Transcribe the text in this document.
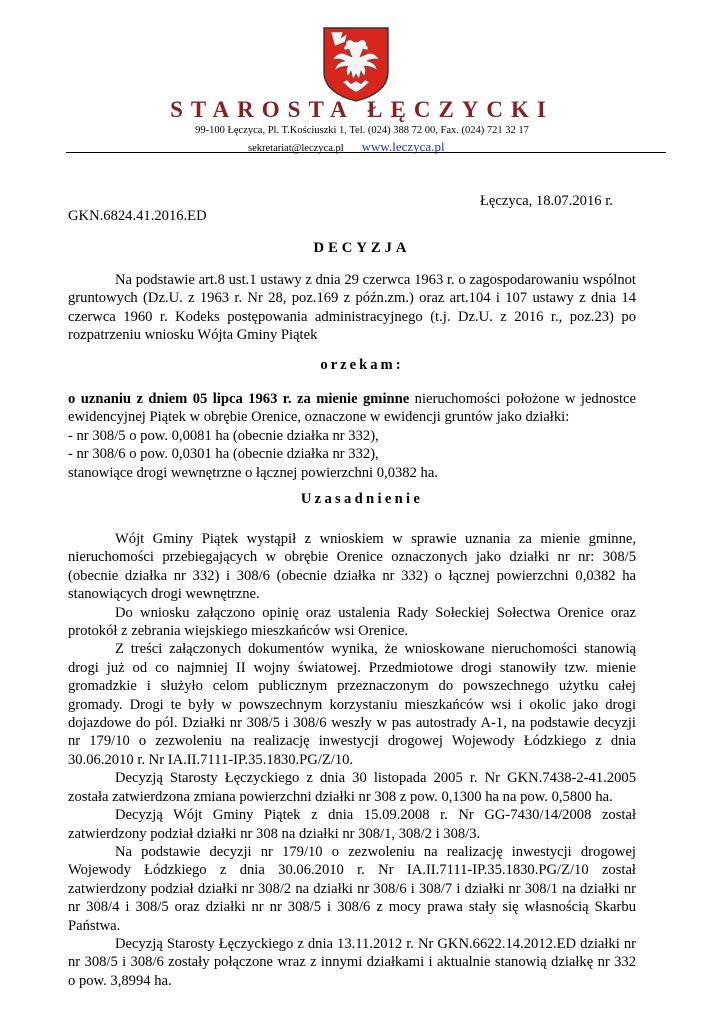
STAROSTA ŁĘCZYCKI
99-100 Łęczyca, Pl. T.Kościuszki 1, Tel. (024) 388 72 00, Fax. (024) 721 32 17
sekretariat@leczyca.pl www.leczyca.pl
Łęczyca, 18.07.2016 r.
GKN.6824.41.2016.ED
DECYZJA
Na podstawie art.8 ust.1 ustawy z dnia 29 czerwca 1963 r. o zagospodarowaniu wspólnot gruntowych (Dz.U. z 1963 r. Nr 28, poz.169 z późn.zm.) oraz art.104 i 107 ustawy z dnia 14 czerwca 1960 r. Kodeks postępowania administracyjnego (t.j. Dz.U. z 2016 r., poz.23) po rozpatrzeniu wniosku Wójta Gminy Piątek
orzekam:
o uznaniu z dniem 05 lipca 1963 r. za mienie gminne nieruchomości położone w jednostce ewidencyjnej Piątek w obrębie Orenice, oznaczone w ewidencji gruntów jako działki:
- nr 308/5 o pow. 0,0081 ha (obecnie działka nr 332),
- nr 308/6 o pow. 0,0301 ha (obecnie działka nr 332),
stanowiące drogi wewnętrzne o łącznej powierzchni 0,0382 ha.
Uzasadnienie

Wójt Gminy Piątek wystąpił z wnioskiem w sprawie uznania za mienie gminne, nieruchomości przebiegających w obrębie Orenice oznaczonych jako działki nr nr: 308/5 (obecnie działka nr 332) i 308/6 (obecnie działka nr 332) o łącznej powierzchni 0,0382 ha stanowiących drogi wewnętrzne.

Do wniosku załączono opinię oraz ustalenia Rady Sołeckiej Sołectwa Orenice oraz protokół z zebrania wiejskiego mieszkańców wsi Orenice.

Z treści załączonych dokumentów wynika, że wnioskowane nieruchomości stanowią drogi już od co najmniej II wojny światowej. Przedmiotowe drogi stanowiły tzw. mienie gromadzkie i służyło celom publicznym przeznaczonym do powszechnego użytku całej gromady. Drogi te były w powszechnym korzystaniu mieszkańców wsi i okolic jako drogi dojazdowe do pól. Działki nr 308/5 i 308/6 weszły w pas autostrady A-1, na podstawie decyzji nr 179/10 o zezwoleniu na realizację inwestycji drogowej Wojewody Łódzkiego z dnia 30.06.2010 r. Nr IA.II.7111-IP.35.1830.PG/Z/10.

Decyzją Starosty Łęczyckiego z dnia 30 listopada 2005 r. Nr GKN.7438-2-41.2005 została zatwierdzona zmiana powierzchni działki nr 308 z pow. 0,1300 ha na pow. 0,5800 ha.

Decyzją Wójt Gminy Piątek z dnia 15.09.2008 r. Nr GG-7430/14/2008 został zatwierdzony podział działki nr 308 na działki nr 308/1, 308/2 i 308/3.

Na podstawie decyzji nr 179/10 o zezwoleniu na realizację inwestycji drogowej Wojewody Łódzkiego z dnia 30.06.2010 r. Nr IA.II.7111-IP.35.1830.PG/Z/10 został zatwierdzony podział działki nr 308/2 na działki nr 308/6 i 308/7 i działki nr 308/1 na działki nr nr 308/4 i 308/5 oraz działki nr nr 308/5 i 308/6 z mocy prawa stały się własnością Skarbu Państwa.

Decyzją Starosty Łęczyckiego z dnia 13.11.2012 r. Nr GKN.6622.14.2012.ED działki nr nr 308/5 i 308/6 zostały połączone wraz z innymi działkami i aktualnie stanowią działkę nr 332 o pow. 3,8994 ha.
